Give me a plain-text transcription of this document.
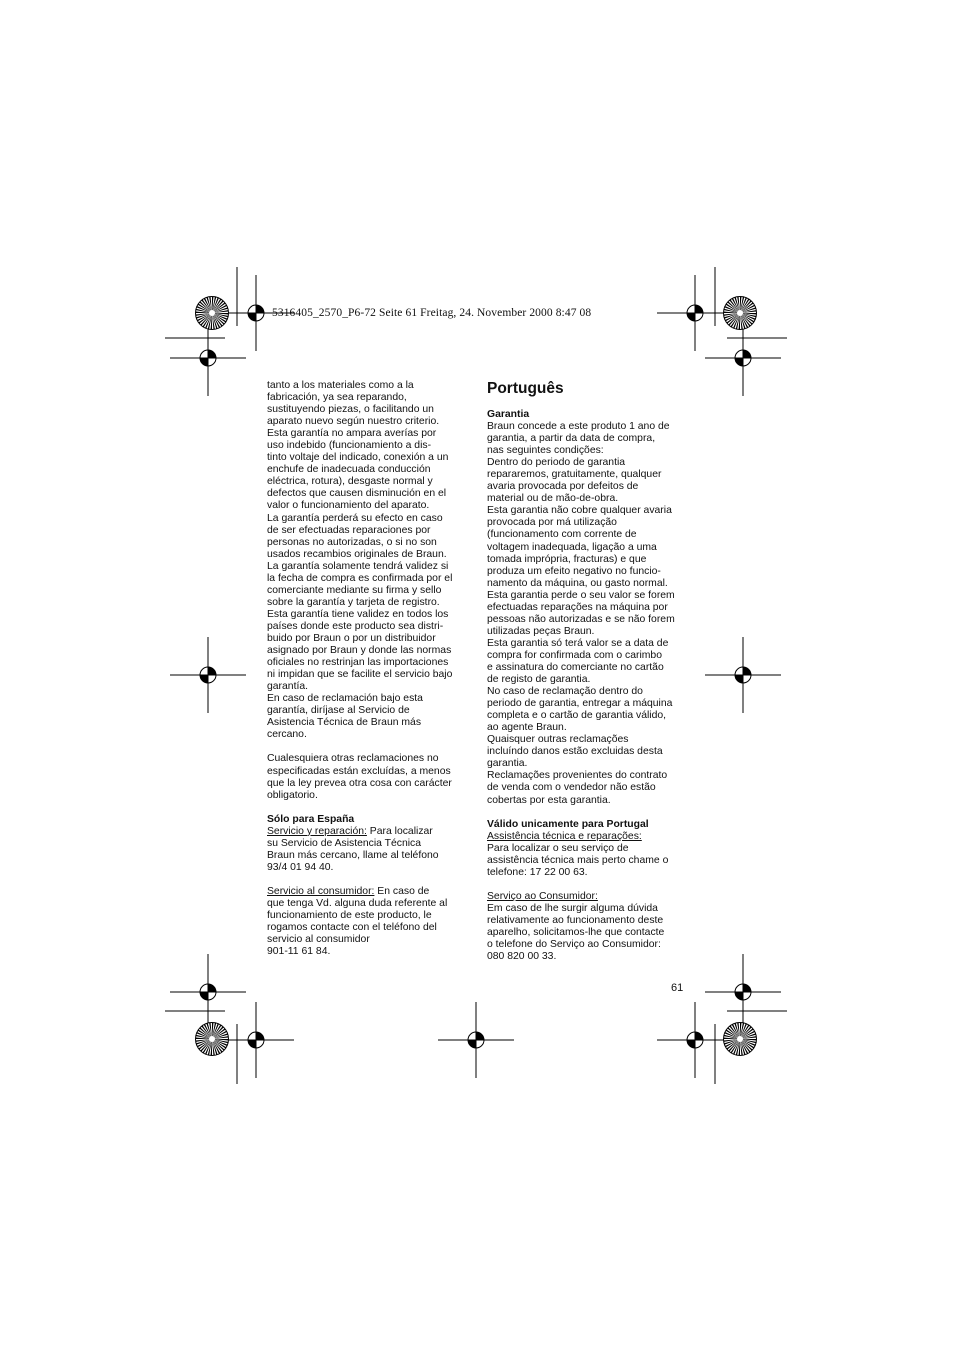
5316405_2570_P6-72 Seite 61 Freitag, 24. November 2000 8:47 08
tanto a los materiales como a la
fabricación, ya sea reparando,
sustituyendo piezas, o facilitando un
aparato nuevo según nuestro criterio.
Esta garantía no ampara averías por
uso indebido (funcionamiento a dis-
tinto voltaje del indicado, conexión a un
enchufe de inadecuada conducción
eléctrica, rotura), desgaste normal y
defectos que causen disminución en el
valor o funcionamiento del aparato.
La garantía perderá su efecto en caso
de ser efectuadas reparaciones por
personas no autorizadas, o si no son
usados recambios originales de Braun.
La garantía solamente tendrá validez si
la fecha de compra es confirmada por el
comerciante mediante su firma y sello
sobre la garantía y tarjeta de registro.
Esta garantía tiene validez en todos los
países donde este producto sea distri-
buido por Braun o por un distribuidor
asignado por Braun y donde las normas
oficiales no restrinjan las importaciones
ni impidan que se facilite el servicio bajo
garantía.
En caso de reclamación bajo esta
garantía, diríjase al Servicio de
Asistencia Técnica de Braun más
cercano.
Cualesquiera otras reclamaciones no
especificadas están excluídas, a menos
que la ley prevea otra cosa con carácter
obligatorio.
Sólo para España
Servicio y reparación: Para localizar
su Servicio de Asistencia Técnica
Braun más cercano, llame al teléfono
93/4 01 94 40.
Servicio al consumidor: En caso de
que tenga Vd. alguna duda referente al
funcionamiento de este producto, le
rogamos contacte con el teléfono del
servicio al consumidor
901-11 61 84.
Português
Garantia
Braun concede a este produto 1 ano de
garantia, a partir da data de compra,
nas seguintes condições:
Dentro do periodo de garantia
repararemos, gratuitamente, qualquer
avaria provocada por defeitos de
material ou de mão-de-obra.
Esta garantia não cobre qualquer avaria
provocada por má utilização
(funcionamento com corrente de
voltagem inadequada, ligação a uma
tomada imprópria, fracturas) e que
produza um efeito negativo no funcio-
namento da máquina, ou gasto normal.
Esta garantia perde o seu valor se forem
efectuadas reparações na máquina por
pessoas não autorizadas e se não forem
utilizadas peças Braun.
Esta garantia só terá valor se a data de
compra for confirmada com o carimbo
e assinatura do comerciante no cartão
de registo de garantia.
No caso de reclamação dentro do
periodo de garantia, entregar a máquina
completa e o cartão de garantia válido,
ao agente Braun.
Quaisquer outras reclamações
incluíndo danos estão excluidas desta
garantia.
Reclamações provenientes do contrato
de venda com o vendedor não estão
cobertas por esta garantia.
Válido unicamente para Portugal
Assistência técnica e reparações:
Para localizar o seu serviço de
assistência técnica mais perto chame o
telefone: 17 22 00 63.
Serviço ao Consumidor:
Em caso de lhe surgir alguma dúvida
relativamente ao funcionamento deste
aparelho, solicitamos-lhe que contacte
o telefone do Serviço ao Consumidor:
080 820 00 33.
61
